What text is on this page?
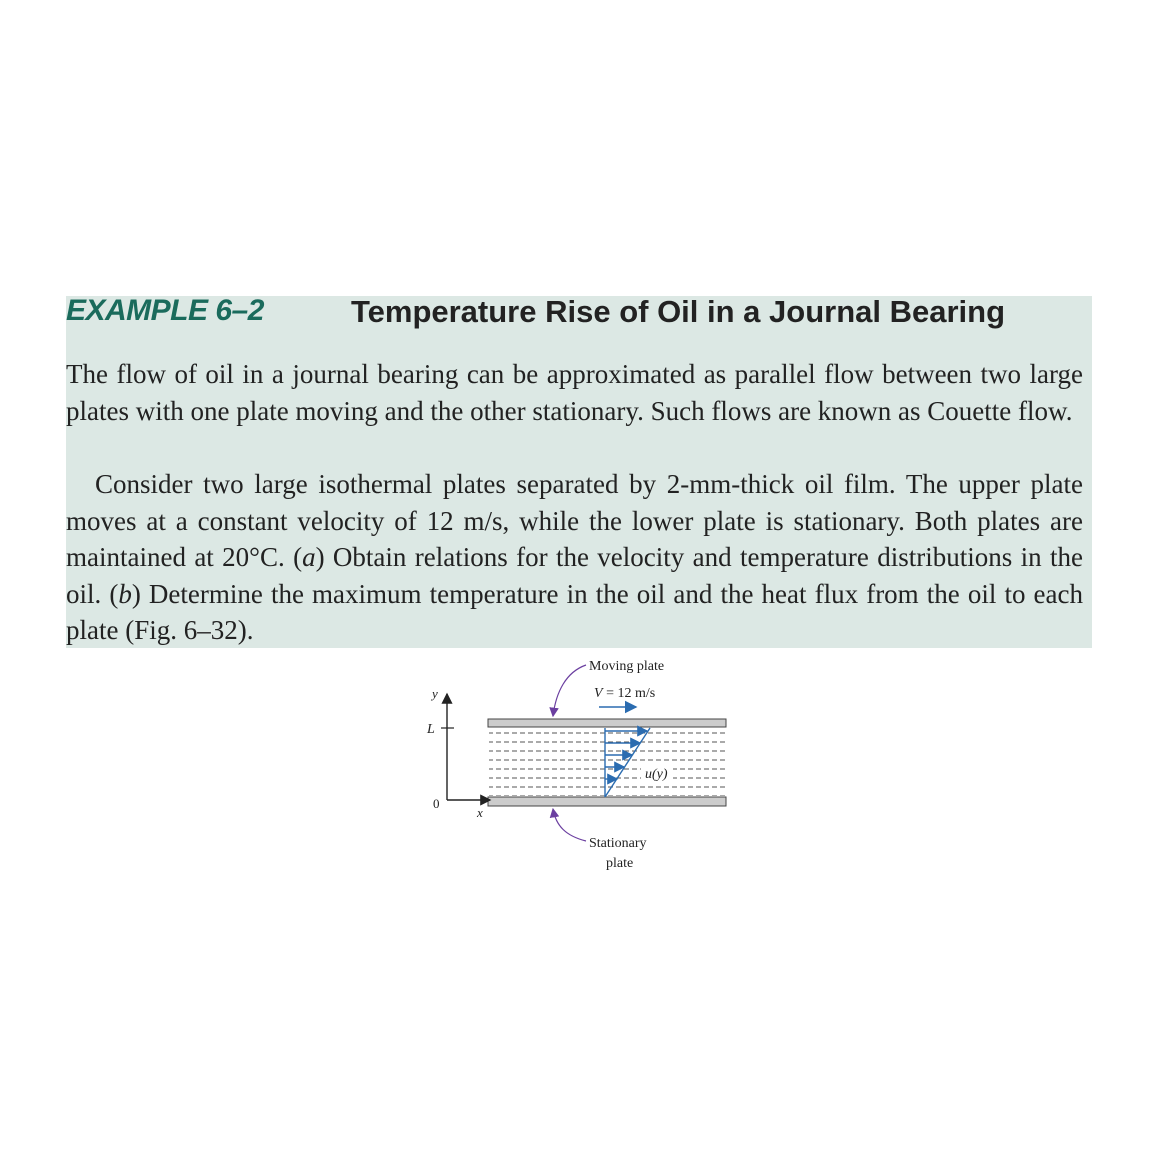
EXAMPLE 6–2	Temperature Rise of Oil in a Journal Bearing

The flow of oil in a journal bearing can be approximated as parallel flow between two large plates with one plate moving and the other stationary. Such flows are known as Couette flow.

Consider two large isothermal plates separated by 2-mm-thick oil film. The upper plate moves at a constant velocity of 12 m/s, while the lower plate is stationary. Both plates are maintained at 20°C. (a) Obtain relations for the velocity and temperature distributions in the oil. (b) Determine the maximum temperature in the oil and the heat flux from the oil to each plate (Fig. 6–32).

y
x
L
0
u(y)
V = 12 m/s
Moving plate
Stationary
plate
